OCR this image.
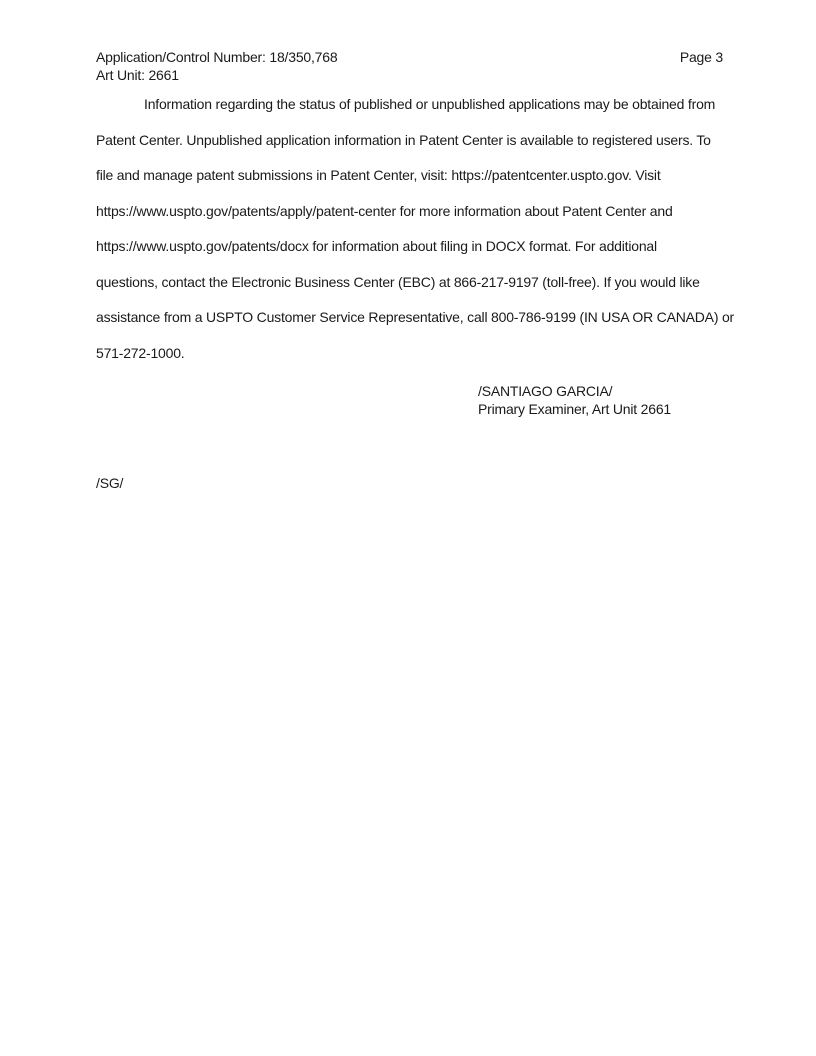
Application/Control Number: 18/350,768
Art Unit: 2661
Page 3
Information regarding the status of published or unpublished applications may be obtained from
Patent Center. Unpublished application information in Patent Center is available to registered users. To
file and manage patent submissions in Patent Center, visit: https://patentcenter.uspto.gov. Visit
https://www.uspto.gov/patents/apply/patent-center for more information about Patent Center and
https://www.uspto.gov/patents/docx for information about filing in DOCX format. For additional
questions, contact the Electronic Business Center (EBC) at 866-217-9197 (toll-free). If you would like
assistance from a USPTO Customer Service Representative, call 800-786-9199 (IN USA OR CANADA) or
571-272-1000.
/SANTIAGO GARCIA/
Primary Examiner, Art Unit 2661
/SG/
